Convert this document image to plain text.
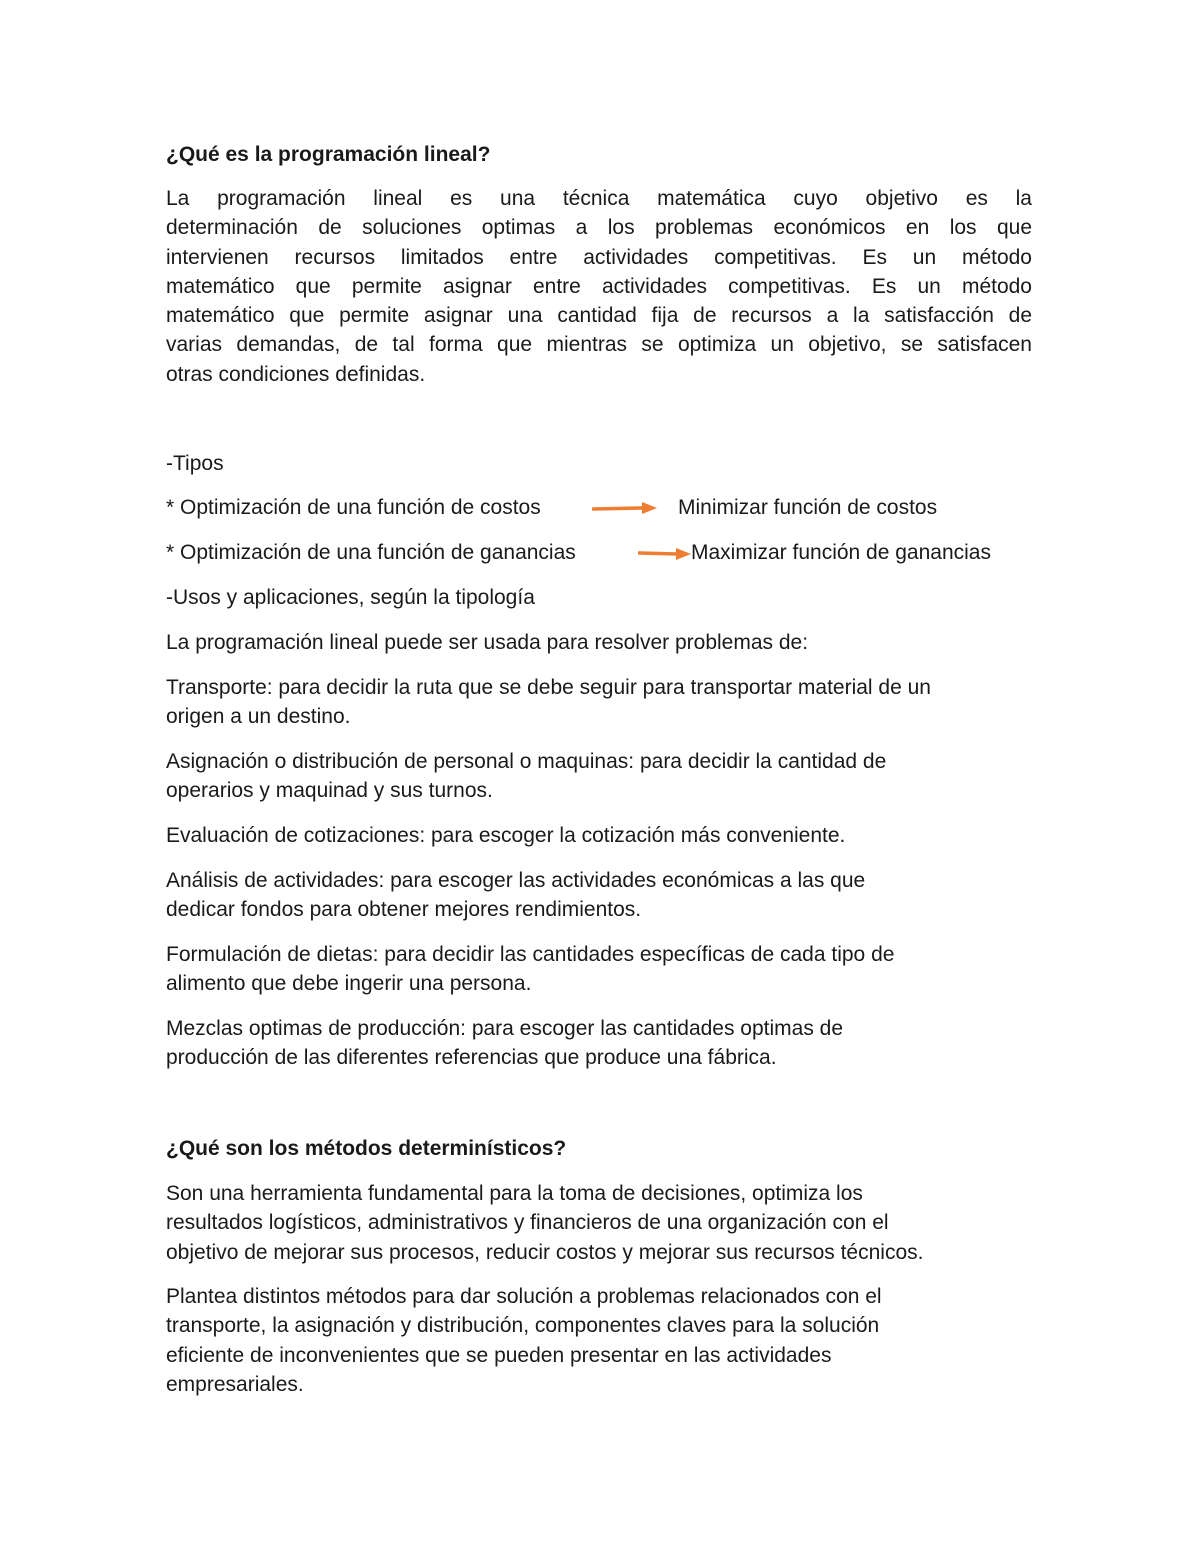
¿Qué es la programación lineal?
La programación lineal es una técnica matemática cuyo objetivo es la
determinación de soluciones optimas a los problemas económicos en los que
intervienen recursos limitados entre actividades competitivas. Es un método
matemático que permite asignar entre actividades competitivas. Es un método
matemático que permite asignar una cantidad fija de recursos a la satisfacción de
varias demandas, de tal forma que mientras se optimiza un objetivo, se satisfacen
otras condiciones definidas.

-Tipos

* Optimización de una función de costos	Minimizar función de costos
* Optimización de una función de ganancias	Maximizar función de ganancias

-Usos y aplicaciones, según la tipología

La programación lineal puede ser usada para resolver problemas de:

Transporte: para decidir la ruta que se debe seguir para transportar material de un
origen a un destino.
Asignación o distribución de personal o maquinas: para decidir la cantidad de
operarios y maquinad y sus turnos.
Evaluación de cotizaciones: para escoger la cotización más conveniente.
Análisis de actividades: para escoger las actividades económicas a las que
dedicar fondos para obtener mejores rendimientos.
Formulación de dietas: para decidir las cantidades específicas de cada tipo de
alimento que debe ingerir una persona.
Mezclas optimas de producción: para escoger las cantidades optimas de
producción de las diferentes referencias que produce una fábrica.
¿Qué son los métodos determinísticos?
Son una herramienta fundamental para la toma de decisiones, optimiza los
resultados logísticos, administrativos y financieros de una organización con el
objetivo de mejorar sus procesos, reducir costos y mejorar sus recursos técnicos.
Plantea distintos métodos para dar solución a problemas relacionados con el
transporte, la asignación y distribución, componentes claves para la solución
eficiente de inconvenientes que se pueden presentar en las actividades
empresariales.
